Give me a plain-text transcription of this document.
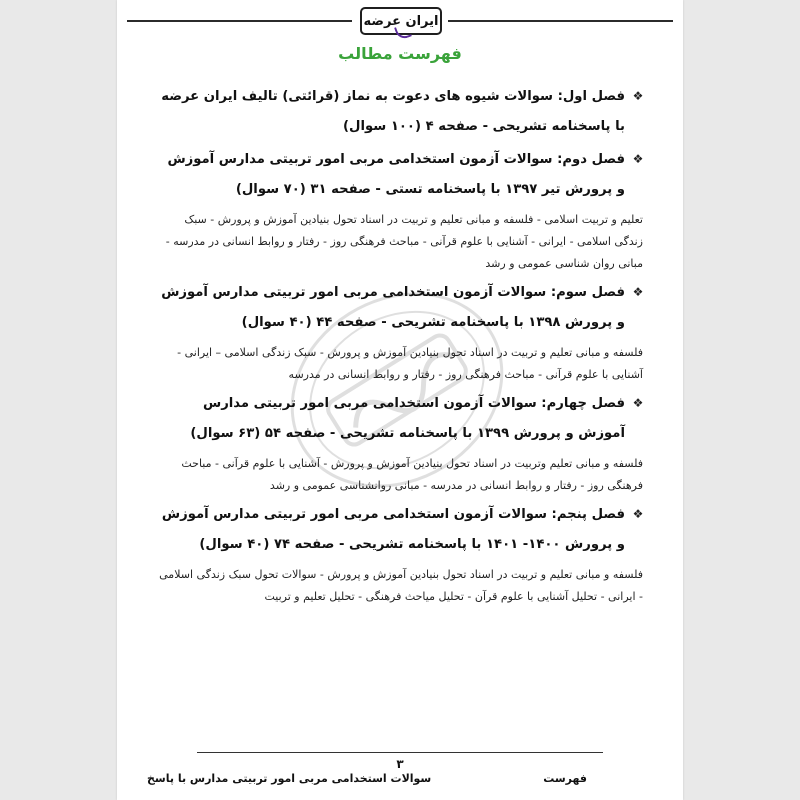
ایران عرضه
فهرست مطالب
❖
فصل اول: سوالات شیوه های دعوت به نماز (قرائتی) تالیف ایران عرضه با پاسخنامه تشریحی - صفحه ۴ (۱۰۰ سوال)
❖
فصل دوم: سوالات آزمون استخدامی مربی امور تربیتی مدارس آموزش و پرورش تیر ۱۳۹۷ با پاسخنامه تستی - صفحه ۳۱ (۷۰ سوال)
تعلیم و تربیت اسلامی - فلسفه و مبانی تعلیم و تربیت در اسناد تحول بنیادین آموزش و پرورش - سبک زندگی اسلامی - ایرانی - آشنایی با علوم قرآنی - مباحث فرهنگی روز - رفتار و روابط انسانی در مدرسه - مبانی روان شناسی عمومی و رشد
❖
فصل سوم: سوالات آزمون استخدامی مربی امور تربیتی مدارس آموزش و پرورش ۱۳۹۸ با پاسخنامه تشریحی - صفحه ۴۴ (۴۰ سوال)
فلسفه و مبانی تعلیم و تربیت در اسناد تحول بنیادین آموزش و پرورش - سبک زندگی اسلامی – ایرانی - آشنایی با علوم قرآنی - مباحث فرهنگی روز - رفتار و روابط انسانی در مدرسه
❖
فصل چهارم: سوالات آزمون استخدامی مربی امور تربیتی مدارس آموزش و پرورش ۱۳۹۹ با پاسخنامه تشریحی - صفحه ۵۴ (۶۳ سوال)
فلسفه و مبانی تعلیم وتربیت در اسناد تحول بنیادین آموزش و پرورش - آشنایی با علوم قرآنی - مباحث فرهنگی روز - رفتار و روابط انسانی در مدرسه - مبانی روانشناسی عمومی و رشد
❖
فصل پنجم: سوالات آزمون استخدامی مربی امور تربیتی مدارس آموزش و پرورش ۱۴۰۰- ۱۴۰۱ با پاسخنامه تشریحی - صفحه ۷۴ (۴۰ سوال)
فلسفه و مبانی تعلیم و تربیت در اسناد تحول بنیادین آموزش و پرورش - سوالات تحول سبک زندگی اسلامی - ایرانی - تحلیل آشنایی با علوم قرآن - تحلیل میاحث فرهنگی - تحلیل تعلیم و تربیت
۳
سوالات استخدامی مربی امور تربیتی مدارس با پاسخ	فهرست
